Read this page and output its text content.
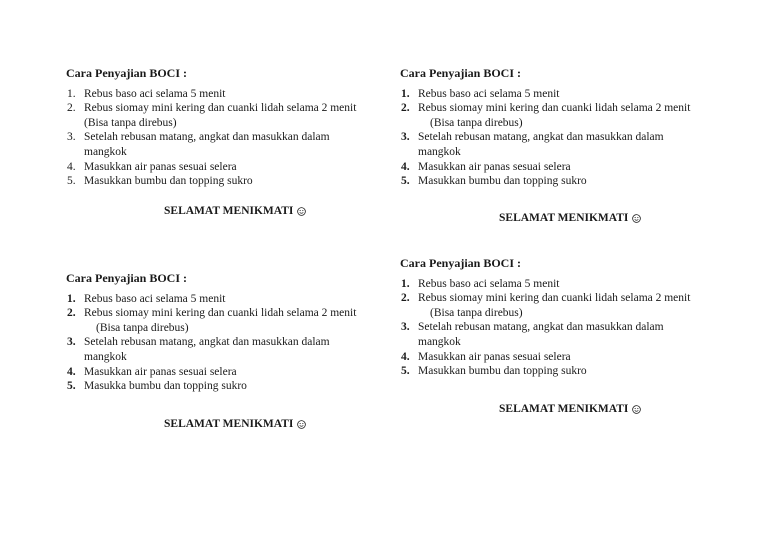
Cara Penyajian BOCI :
1. Rebus baso aci selama 5 menit
2. Rebus siomay mini kering dan cuanki lidah selama 2 menit
(Bisa tanpa direbus)
3. Setelah rebusan matang, angkat dan masukkan dalam
mangkok
4. Masukkan air panas sesuai selera
5. Masukkan bumbu dan topping sukro
SELAMAT MENIKMATI
Cara Penyajian BOCI :
1. Rebus baso aci selama 5 menit
2. Rebus siomay mini kering dan cuanki lidah selama 2 menit
(Bisa tanpa direbus)
3. Setelah rebusan matang, angkat dan masukkan dalam
mangkok
4. Masukkan air panas sesuai selera
5. Masukkan bumbu dan topping sukro
SELAMAT MENIKMATI
Cara Penyajian BOCI :
1. Rebus baso aci selama 5 menit
2. Rebus siomay mini kering dan cuanki lidah selama 2 menit
(Bisa tanpa direbus)
3. Setelah rebusan matang, angkat dan masukkan dalam
mangkok
4. Masukkan air panas sesuai selera
5. Masukka bumbu dan topping sukro
SELAMAT MENIKMATI
Cara Penyajian BOCI :
1. Rebus baso aci selama 5 menit
2. Rebus siomay mini kering dan cuanki lidah selama 2 menit
(Bisa tanpa direbus)
3. Setelah rebusan matang, angkat dan masukkan dalam
mangkok
4. Masukkan air panas sesuai selera
5. Masukkan bumbu dan topping sukro
SELAMAT MENIKMATI
